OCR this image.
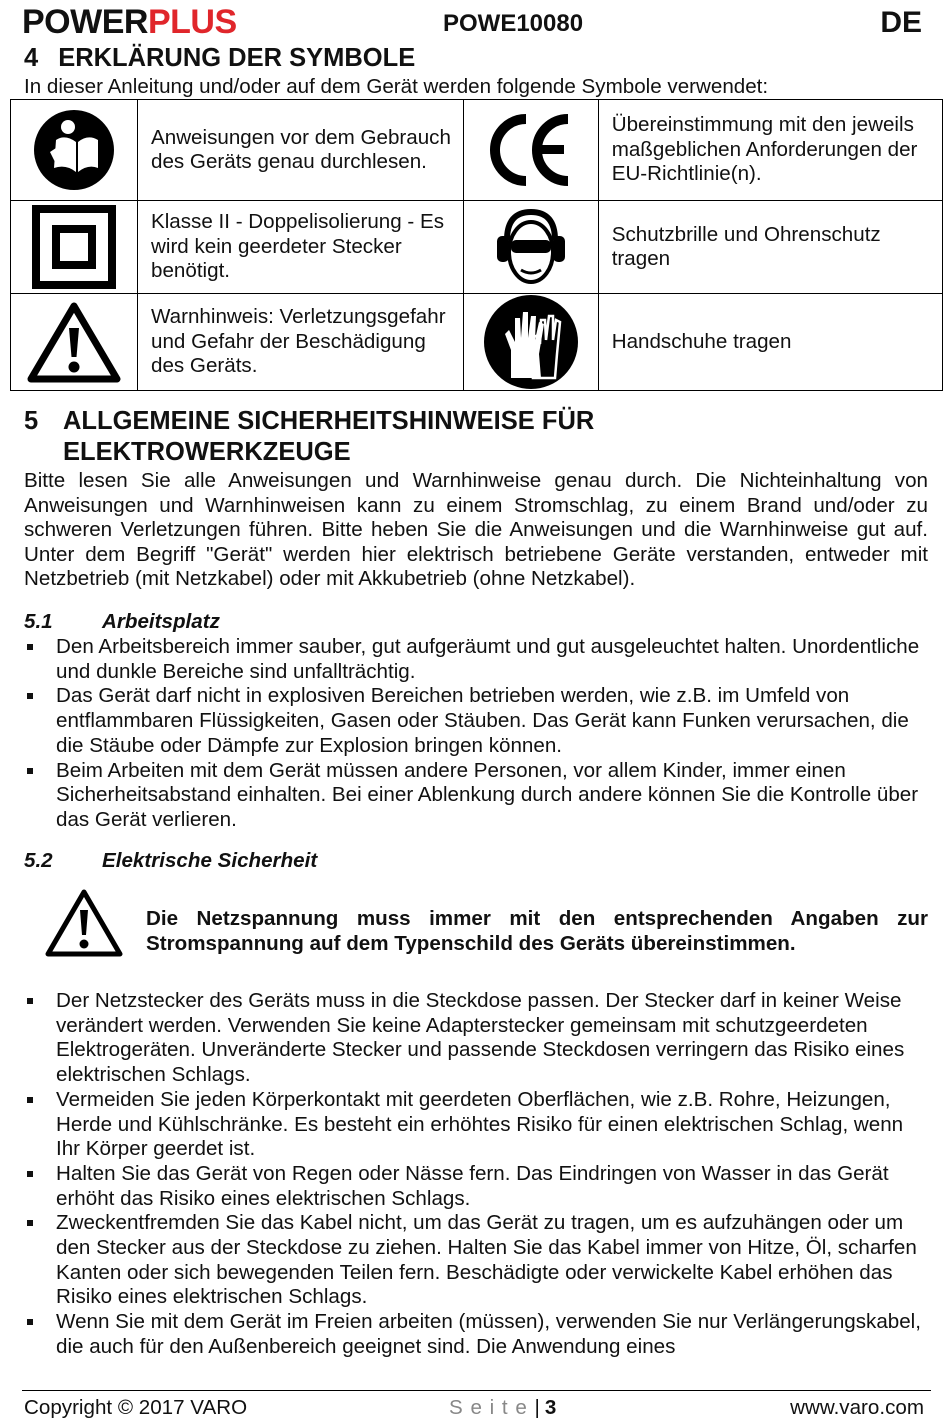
POWERPLUS	POWE10080	DE
4 ERKLÄRUNG DER SYMBOLE
In dieser Anleitung und/oder auf dem Gerät werden folgende Symbole verwendet:
	Anweisungen vor dem Gebrauch des Geräts genau durchlesen.		Übereinstimmung mit den jeweils maßgeblichen Anforderungen der EU-Richtlinie(n).

	Klasse II - Doppelisolierung - Es wird kein geerdeter Stecker benötigt.		Schutzbrille und Ohrenschutz tragen

	Warnhinweis: Verletzungsgefahr und Gefahr der Beschädigung des Geräts.		Handschuhe tragen
5 ALLGEMEINE SICHERHEITSHINWEISE FÜR
ELEKTROWERKZEUGE
Bitte lesen Sie alle Anweisungen und Warnhinweise genau durch. Die Nichteinhaltung von Anweisungen und Warnhinweisen kann zu einem Stromschlag, zu einem Brand und/oder zu schweren Verletzungen führen. Bitte heben Sie die Anweisungen und die Warnhinweise gut auf. Unter dem Begriff "Gerät" werden hier elektrisch betriebene Geräte verstanden, entweder mit Netzbetrieb (mit Netzkabel) oder mit Akkubetrieb (ohne Netzkabel).
5.1 Arbeitsplatz
Den Arbeitsbereich immer sauber, gut aufgeräumt und gut ausgeleuchtet halten. Unordentliche und dunkle Bereiche sind unfallträchtig.
Das Gerät darf nicht in explosiven Bereichen betrieben werden, wie z.B. im Umfeld von entflammbaren Flüssigkeiten, Gasen oder Stäuben. Das Gerät kann Funken verursachen, die die Stäube oder Dämpfe zur Explosion bringen können.
Beim Arbeiten mit dem Gerät müssen andere Personen, vor allem Kinder, immer einen Sicherheitsabstand einhalten. Bei einer Ablenkung durch andere können Sie die Kontrolle über das Gerät verlieren.
5.2 Elektrische Sicherheit
Die Netzspannung muss immer mit den entsprechenden Angaben zur Stromspannung auf dem Typenschild des Geräts übereinstimmen.
Der Netzstecker des Geräts muss in die Steckdose passen. Der Stecker darf in keiner Weise verändert werden. Verwenden Sie keine Adapterstecker gemeinsam mit schutzgeerdeten Elektrogeräten. Unveränderte Stecker und passende Steckdosen verringern das Risiko eines elektrischen Schlags.
Vermeiden Sie jeden Körperkontakt mit geerdeten Oberflächen, wie z.B. Rohre, Heizungen, Herde und Kühlschränke. Es besteht ein erhöhtes Risiko für einen elektrischen Schlag, wenn Ihr Körper geerdet ist.
Halten Sie das Gerät von Regen oder Nässe fern. Das Eindringen von Wasser in das Gerät erhöht das Risiko eines elektrischen Schlags.
Zweckentfremden Sie das Kabel nicht, um das Gerät zu tragen, um es aufzuhängen oder um den Stecker aus der Steckdose zu ziehen. Halten Sie das Kabel immer von Hitze, Öl, scharfen Kanten oder sich bewegenden Teilen fern. Beschädigte oder verwickelte Kabel erhöhen das Risiko eines elektrischen Schlags.
Wenn Sie mit dem Gerät im Freien arbeiten (müssen), verwenden Sie nur Verlängerungskabel, die auch für den Außenbereich geeignet sind. Die Anwendung eines
Copyright © 2017 VARO	S e i t e | 3	www.varo.com
